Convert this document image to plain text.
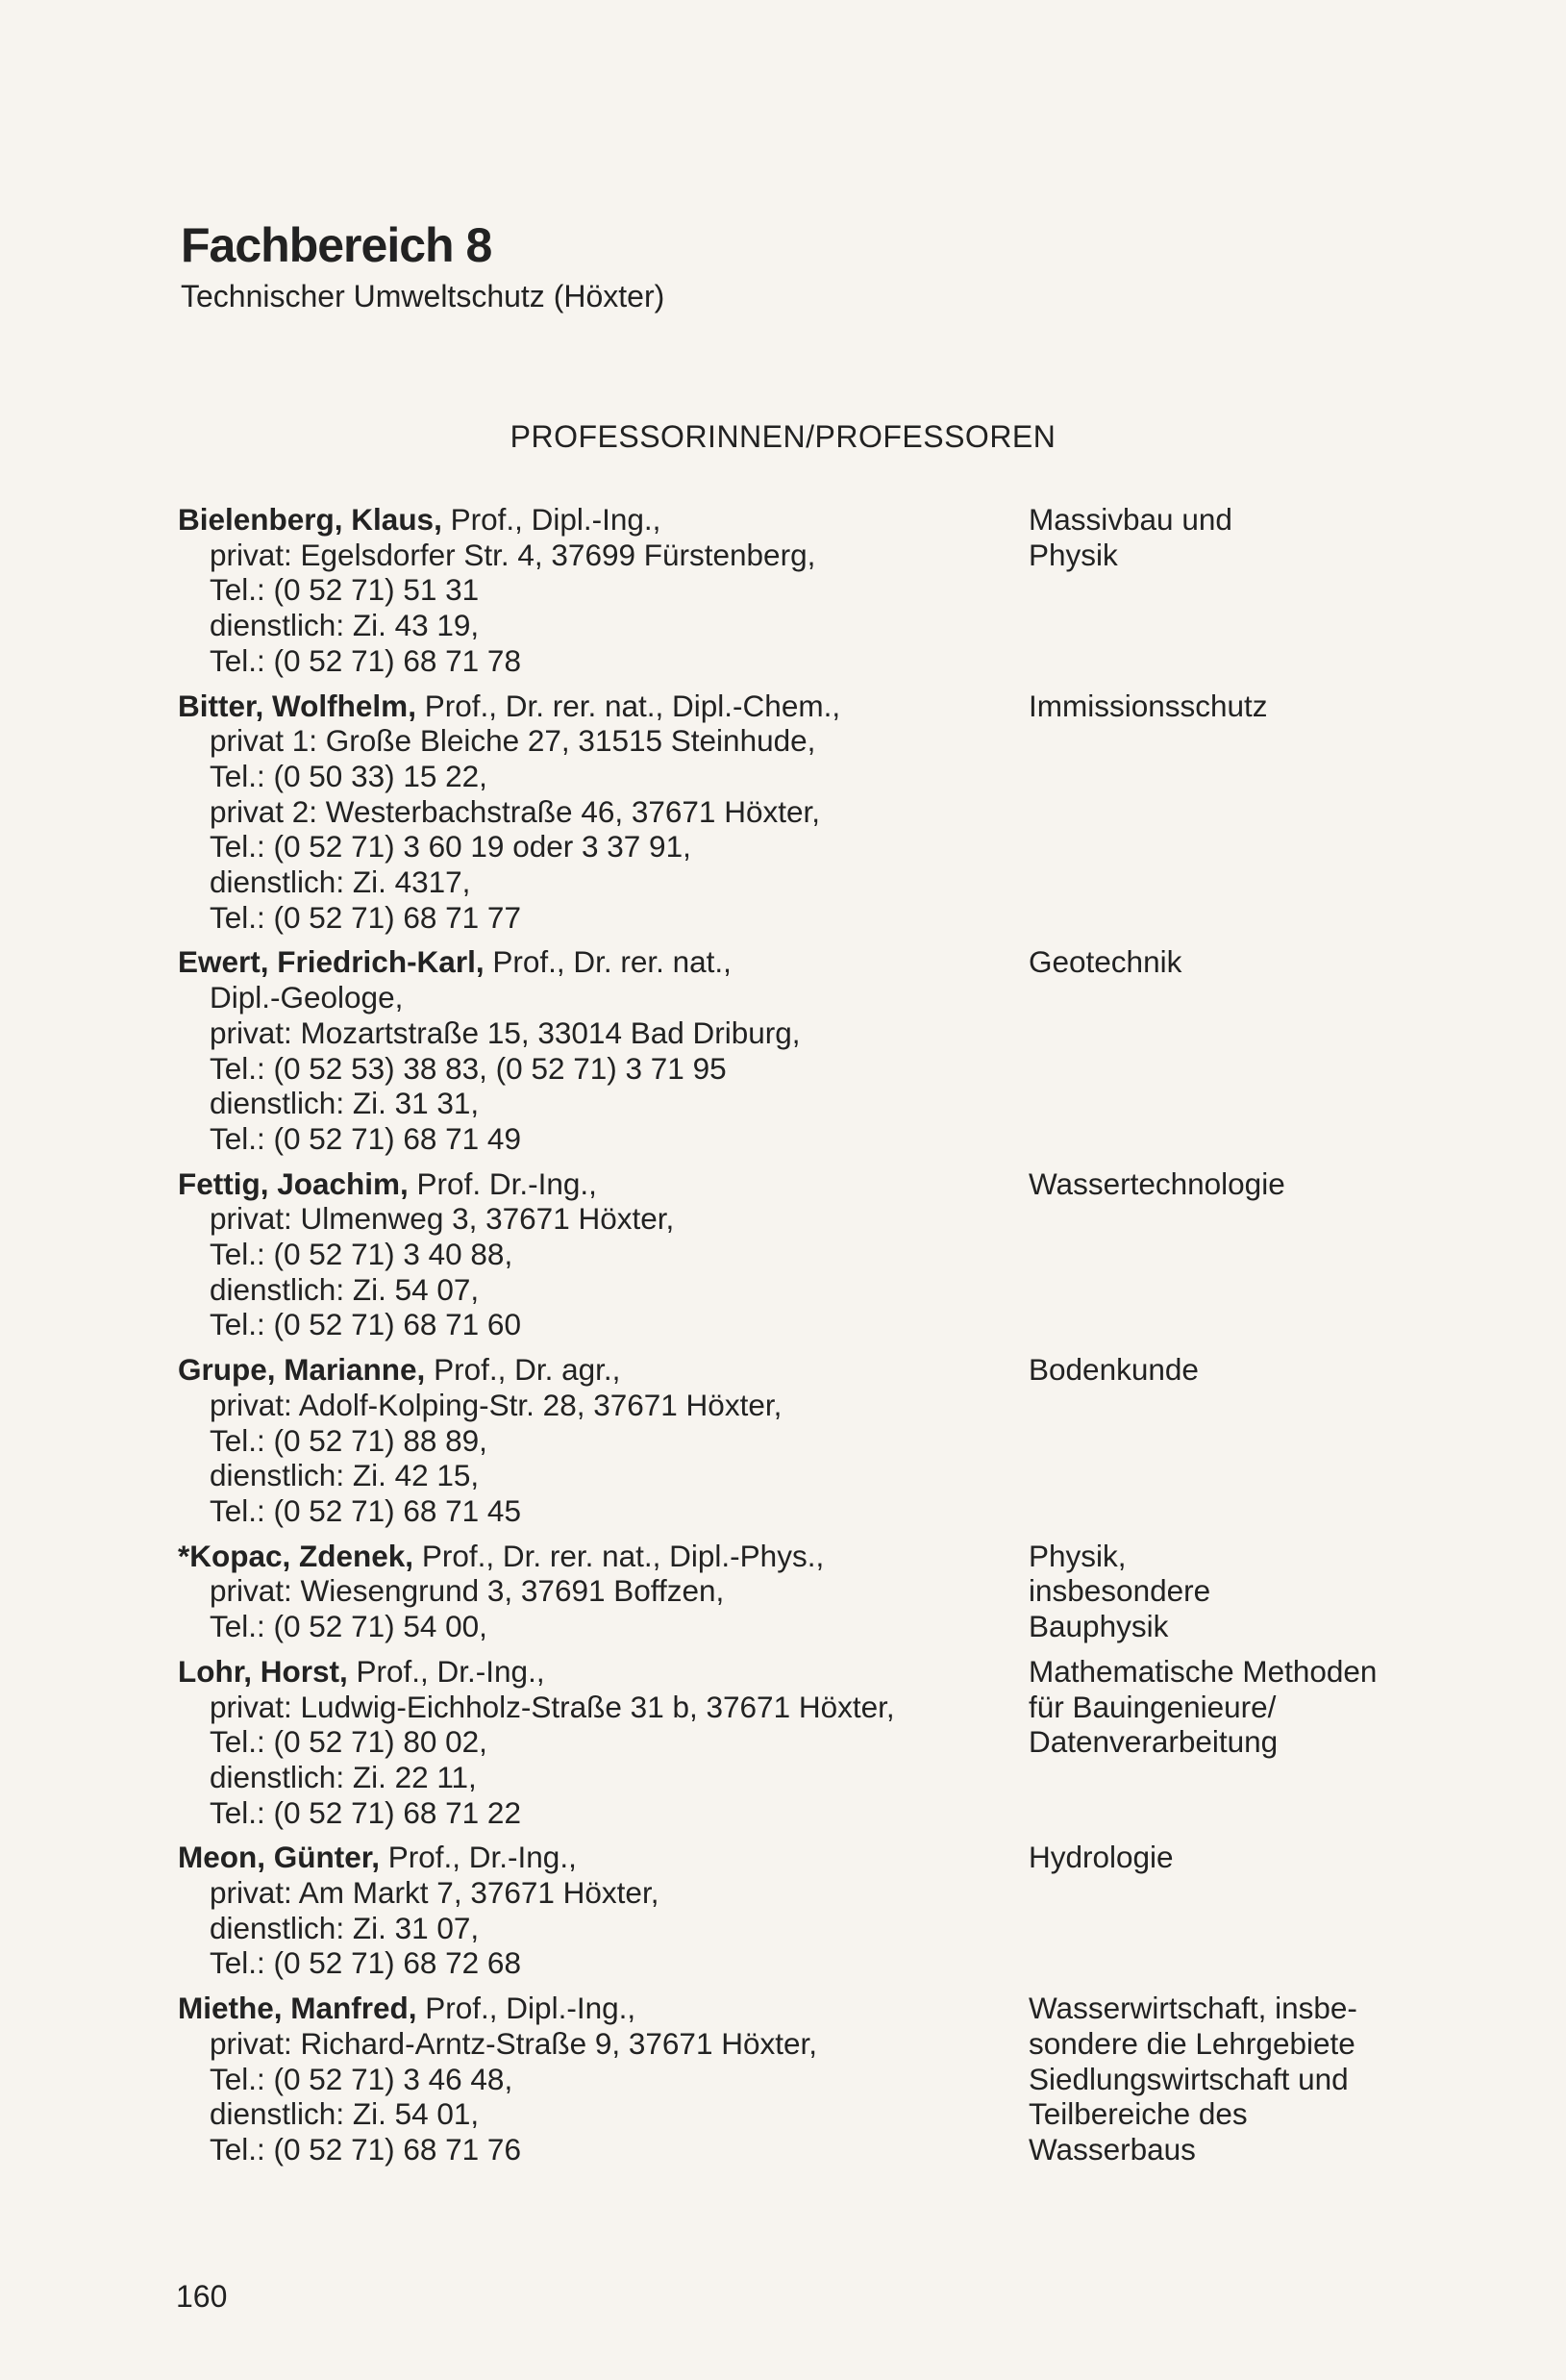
Fachbereich 8

Technischer Umweltschutz (Höxter)

PROFESSORINNEN/PROFESSOREN
Bielenberg, Klaus, Prof., Dipl.-Ing.,
privat: Egelsdorfer Str. 4, 37699 Fürstenberg,
Tel.: (0 52 71) 51 31
dienstlich: Zi. 43 19,
Tel.: (0 52 71) 68 71 78
Massivbau und
Physik
Bitter, Wolfhelm, Prof., Dr. rer. nat., Dipl.-Chem.,
privat 1: Große Bleiche 27, 31515 Steinhude,
Tel.: (0 50 33) 15 22,
privat 2: Westerbachstraße 46, 37671 Höxter,
Tel.: (0 52 71) 3 60 19 oder 3 37 91,
dienstlich: Zi. 4317,
Tel.: (0 52 71) 68 71 77
Immissionsschutz
Ewert, Friedrich-Karl, Prof., Dr. rer. nat.,
Dipl.-Geologe,
privat: Mozartstraße 15, 33014 Bad Driburg,
Tel.: (0 52 53) 38 83, (0 52 71) 3 71 95
dienstlich: Zi. 31 31,
Tel.: (0 52 71) 68 71 49
Geotechnik
Fettig, Joachim, Prof. Dr.-Ing.,
privat: Ulmenweg 3, 37671 Höxter,
Tel.: (0 52 71) 3 40 88,
dienstlich: Zi. 54 07,
Tel.: (0 52 71) 68 71 60
Wassertechnologie
Grupe, Marianne, Prof., Dr. agr.,
privat: Adolf-Kolping-Str. 28, 37671 Höxter,
Tel.: (0 52 71) 88 89,
dienstlich: Zi. 42 15,
Tel.: (0 52 71) 68 71 45
Bodenkunde
*Kopac, Zdenek, Prof., Dr. rer. nat., Dipl.-Phys.,
privat: Wiesengrund 3, 37691 Boffzen,
Tel.: (0 52 71) 54 00,
Physik,
insbesondere
Bauphysik
Lohr, Horst, Prof., Dr.-Ing.,
privat: Ludwig-Eichholz-Straße 31 b, 37671 Höxter,
Tel.: (0 52 71) 80 02,
dienstlich: Zi. 22 11,
Tel.: (0 52 71) 68 71 22
Mathematische Methoden
für Bauingenieure/
Datenverarbeitung
Meon, Günter, Prof., Dr.-Ing.,
privat: Am Markt 7, 37671 Höxter,
dienstlich: Zi. 31 07,
Tel.: (0 52 71) 68 72 68
Hydrologie
Miethe, Manfred, Prof., Dipl.-Ing.,
privat: Richard-Arntz-Straße 9, 37671 Höxter,
Tel.: (0 52 71) 3 46 48,
dienstlich: Zi. 54 01,
Tel.: (0 52 71) 68 71 76
Wasserwirtschaft, insbe-
sondere die Lehrgebiete
Siedlungswirtschaft und
Teilbereiche des
Wasserbaus
160
